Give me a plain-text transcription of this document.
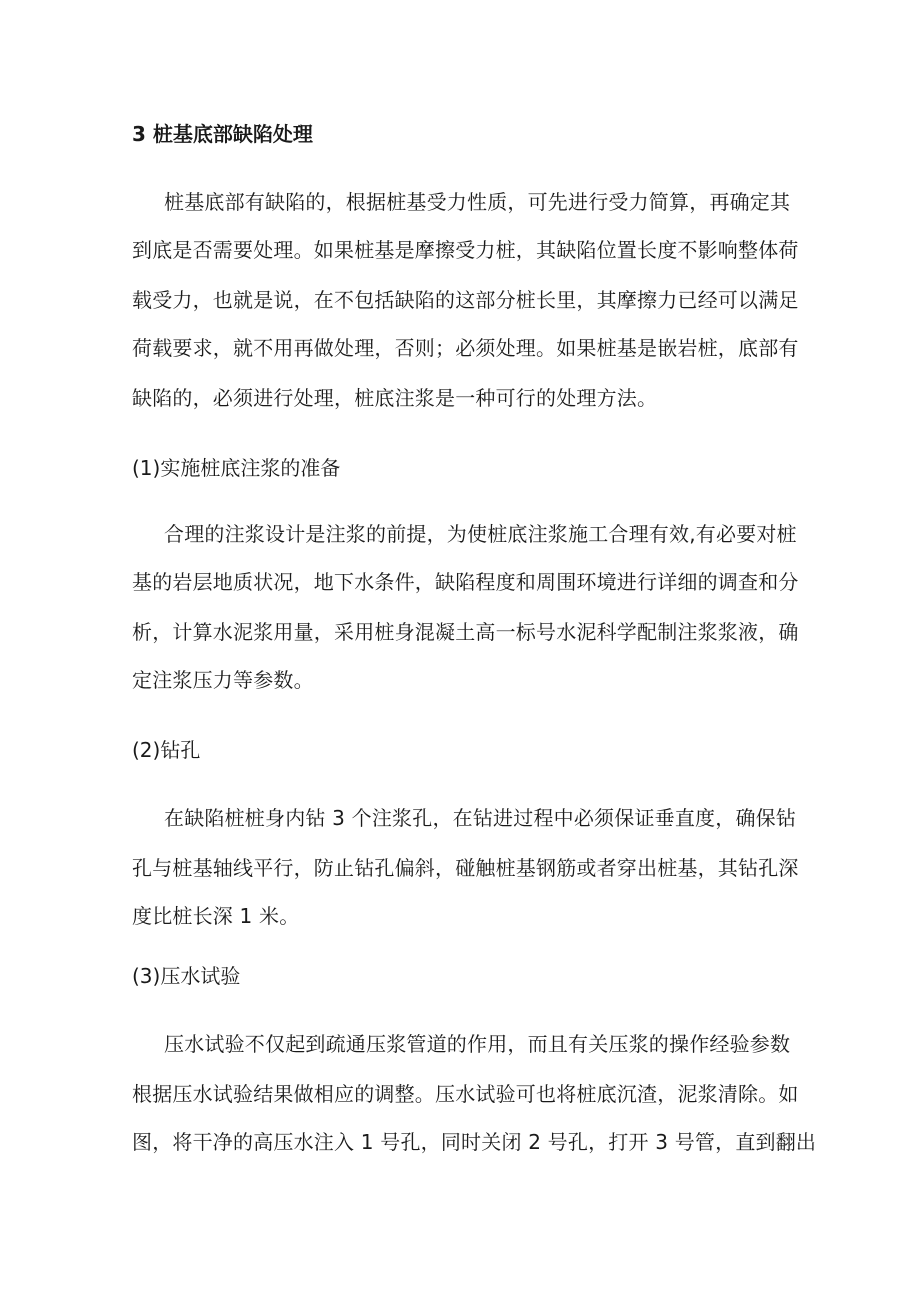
3 桩基底部缺陷处理
桩基底部有缺陷的，根据桩基受力性质，可先进行受力简算，再确定其
到底是否需要处理。如果桩基是摩擦受力桩，其缺陷位置长度不影响整体荷
载受力，也就是说，在不包括缺陷的这部分桩长里，其摩擦力已经可以满足
荷载要求，就不用再做处理，否则；必须处理。如果桩基是嵌岩桩，底部有
缺陷的，必须进行处理，桩底注浆是一种可行的处理方法。
(1)实施桩底注浆的准备
合理的注浆设计是注浆的前提，为使桩底注浆施工合理有效,有必要对桩
基的岩层地质状况，地下水条件，缺陷程度和周围环境进行详细的调查和分
析，计算水泥浆用量，采用桩身混凝土高一标号水泥科学配制注浆浆液，确
定注浆压力等参数。
(2)钻孔
在缺陷桩桩身内钻 3 个注浆孔，在钻进过程中必须保证垂直度，确保钻
孔与桩基轴线平行，防止钻孔偏斜，碰触桩基钢筋或者穿出桩基，其钻孔深
度比桩长深 1 米。
(3)压水试验
压水试验不仅起到疏通压浆管道的作用，而且有关压浆的操作经验参数
根据压水试验结果做相应的调整。压水试验可也将桩底沉渣，泥浆清除。如
图，将干净的高压水注入 1 号孔，同时关闭 2 号孔，打开 3 号管，直到翻出
